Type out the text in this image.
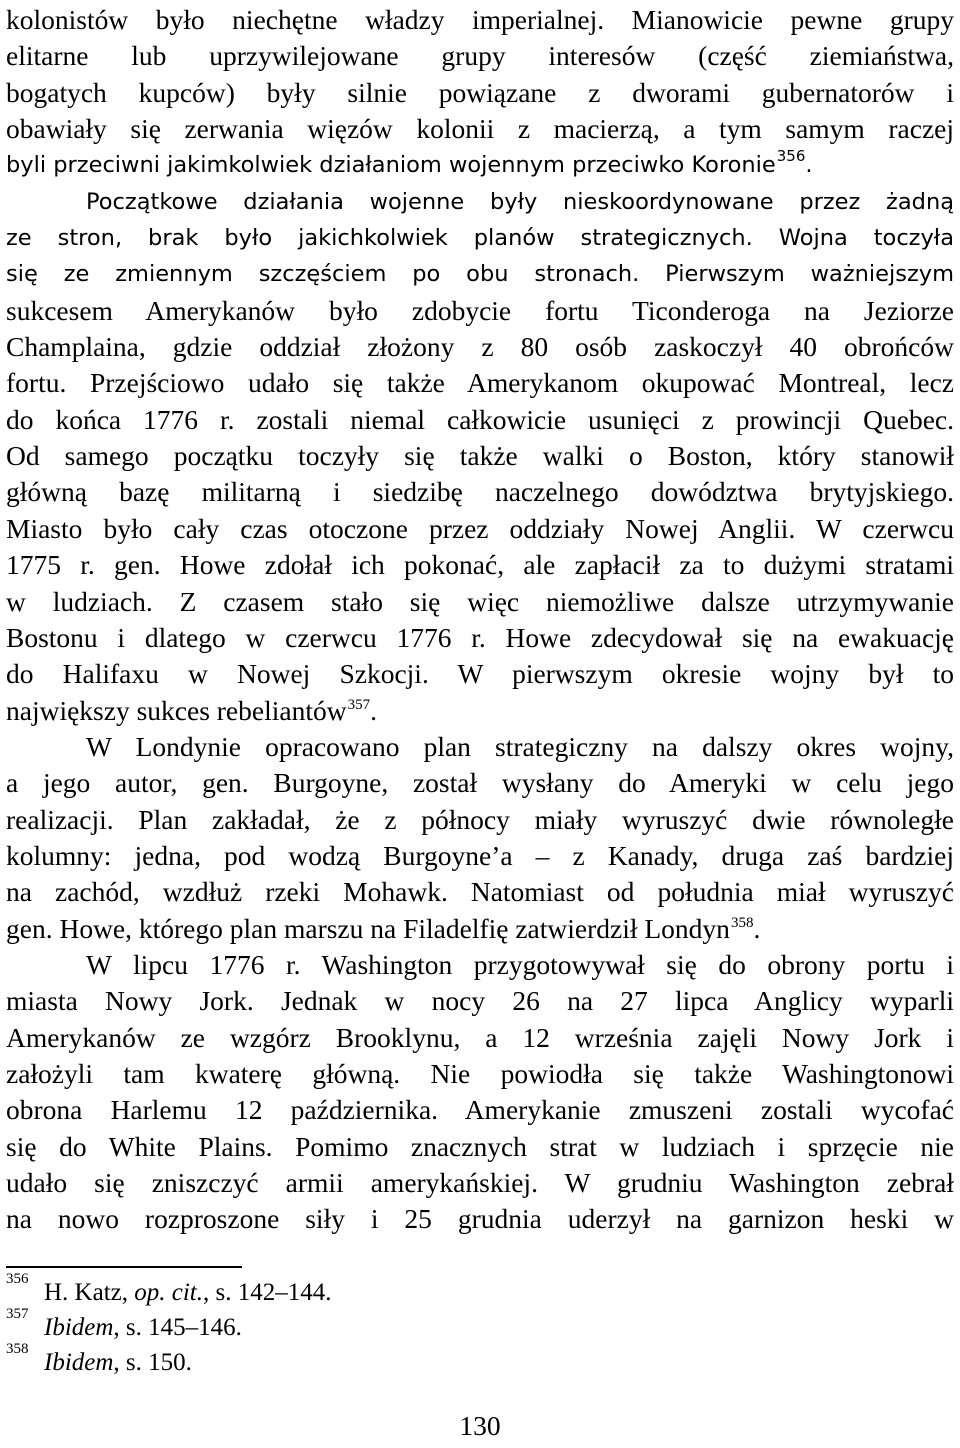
kolonistów było niechętne władzy imperialnej. Mianowicie pewne grupy
elitarne lub uprzywilejowane grupy interesów (część ziemiaństwa,
bogatych kupców) były silnie powiązane z dworami gubernatorów i
obawiały się zerwania więzów kolonii z macierzą, a tym samym raczej
byli przeciwni jakimkolwiek działaniom wojennym przeciwko Koronie$^{356}$.
Początkowe działania wojenne były nieskoordynowane przez żadną
ze stron, brak było jakichkolwiek planów strategicznych. Wojna toczyła
się ze zmiennym szczęściem po obu stronach. Pierwszym ważniejszym
sukcesem Amerykanów było zdobycie fortu Ticonderoga na Jeziorze
Champlaina, gdzie oddział złożony z 80 osób zaskoczył 40 obrońców
fortu. Przejściowo udało się także Amerykanom okupować Montreal, lecz
do końca 1776 r. zostali niemal całkowicie usunięci z prowincji Quebec.
Od samego początku toczyły się także walki o Boston, który stanowił
główną bazę militarną i siedzibę naczelnego dowództwa brytyjskiego.
Miasto było cały czas otoczone przez oddziały Nowej Anglii. W czerwcu
1775 r. gen. Howe zdołał ich pokonać, ale zapłacił za to dużymi stratami
w ludziach. Z czasem stało się więc niemożliwe dalsze utrzymywanie
Bostonu i dlatego w czerwcu 1776 r. Howe zdecydował się na ewakuację
do Halifaxu w Nowej Szkocji. W pierwszym okresie wojny był to
największy sukces rebeliantów$^{357}$.
W Londynie opracowano plan strategiczny na dalszy okres wojny,
a jego autor, gen. Burgoyne, został wysłany do Ameryki w celu jego
realizacji. Plan zakładał, że z północy miały wyruszyć dwie równoległe
kolumny: jedna, pod wodzą Burgoyne’a – z Kanady, druga zaś bardziej
na zachód, wzdłuż rzeki Mohawk. Natomiast od południa miał wyruszyć
gen. Howe, którego plan marszu na Filadelfię zatwierdził Londyn$^{358}$.
W lipcu 1776 r. Washington przygotowywał się do obrony portu i
miasta Nowy Jork. Jednak w nocy 26 na 27 lipca Anglicy wyparli
Amerykanów ze wzgórz Brooklynu, a 12 września zajęli Nowy Jork i
założyli tam kwaterę główną. Nie powiodła się także Washingtonowi
obrona Harlemu 12 października. Amerykanie zmuszeni zostali wycofać
się do White Plains. Pomimo znacznych strat w ludziach i sprzęcie nie
udało się zniszczyć armii amerykańskiej. W grudniu Washington zebrał
na nowo rozproszone siły i 25 grudnia uderzył na garnizon heski w
356 H. Katz, op. cit., s. 142–144.
357 Ibidem, s. 145–146.
358 Ibidem, s. 150.
130
